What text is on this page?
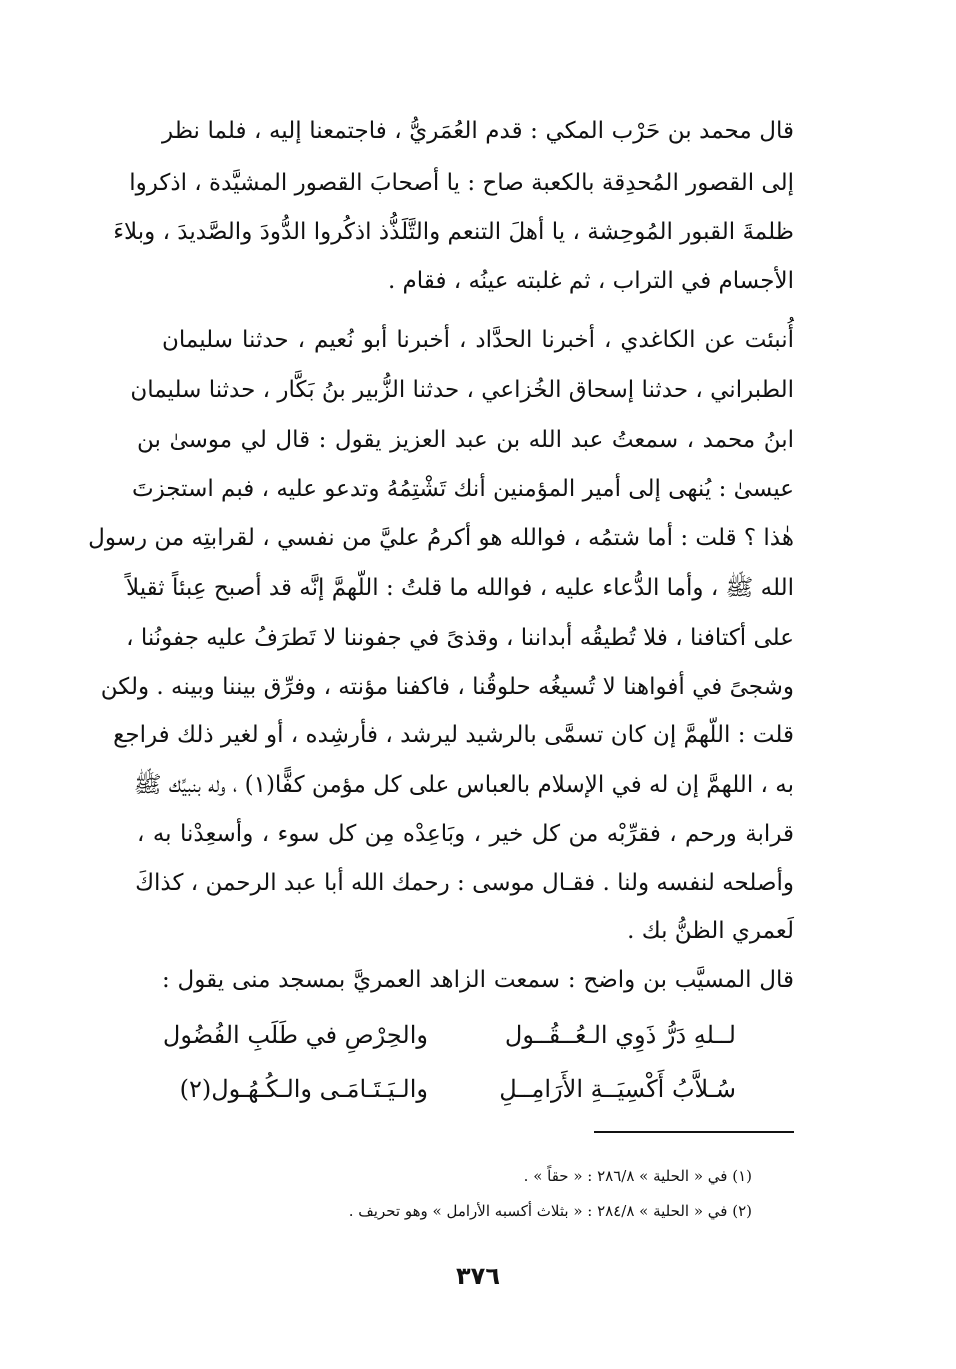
قال محمد بن حَرْب المكي : قدم العُمَريُّ ، فاجتمعنا إليه ، فلما نظر
إلى القصور المُحدِقة بالكعبة صاح : يا أصحابَ القصور المشيَّدة ، اذكروا
ظلمةَ القبور المُوحِشة ، يا أهلَ التنعم والتَّلَذُّذ اذكُروا الدُّودَ والصَّديدَ ، وبلاءَ
الأجسام في التراب ، ثم غلبته عينُه ، فقام .
أُنبئت عن الكاغدي ، أخبرنا الحدَّاد ، أخبرنا أبو نُعيم ، حدثنا سليمان
الطبراني ، حدثنا إسحاق الخُزاعي ، حدثنا الزُّبير بنُ بَكَّار ، حدثنا سليمان
ابنُ محمد ، سمعتُ عبد الله بن عبد العزيز يقول : قال لي موسىٰ بن
عيسىٰ : يُنهى إلى أمير المؤمنين أنك تَشْتِمُهُ وتدعو عليه ، فبم استجزتَ
هٰذا ؟ قلت : أما شتمُه ، فوالله هو أكرمُ عليَّ من نفسي ، لقرابتِه من رسول
الله ﷺ ، وأما الدُّعاء عليه ، فوالله ما قلتُ : اللّهمَّ إنَّه قد أصبح عِبئاً ثقيلاً
على أكتافنا ، فلا تُطيقُه أبداننا ، وقذىً في جفوننا لا تَطرَفُ عليه جفونُنا ،
وشجىً في أفواهنا لا تُسيغُه حلوقُنا ، فاكفنا مؤنته ، وفرِّق بيننا وبينه . ولكن
قلت : اللّهمَّ إن كان تسمَّى بالرشيد ليرشد ، فأرشِده ، أو لغير ذلك فراجع
به ، اللهمَّ إن له في الإسلام بالعباس على كل مؤمن كفًّا(١) ، وله بنبيِّك ﷺ
قرابة ورحم ، فقرِّبْه من كل خير ، وبَاعِدْه مِن كل سوء ، وأسعِدْنا به ،
وأصلحه لنفسه ولنا . فقـال موسى : رحمك الله أبا عبد الرحمن ، كذاكَ
لَعمري الظنُّ بك .
قال المسيَّب بن واضح : سمعت الزاهد العمريَّ بمسجد منى يقول :
لــلهِ دَرُّ ذَوِي الـعُــقُــول
والحِرْصِ في طَلَبِ الفُضُول
سُـلاَّبُ أَكْسِيَــةِ الأَرَامِــلِ
والـيَـتَـامَـى والـكُـهُـول(٢)
(١) في « الحلية » ٢٨٦/٨ : « حقاً » .
(٢) في « الحلية » ٢٨٤/٨ : « بثلاث أكسبه الأرامل » وهو تحريف .
٣٧٦
